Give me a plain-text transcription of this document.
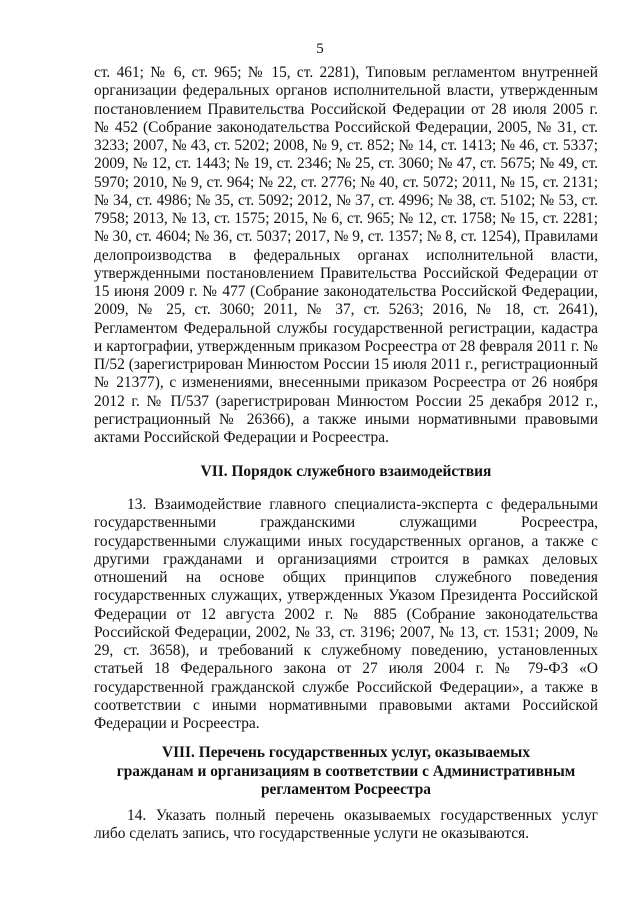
5

ст. 461; № 6, ст. 965; № 15, ст. 2281), Типовым регламентом внутренней организации федеральных органов исполнительной власти, утвержденным постановлением Правительства Российской Федерации от 28 июля 2005 г. № 452 (Собрание законодательства Российской Федерации, 2005, № 31, ст. 3233; 2007, № 43, ст. 5202; 2008, № 9, ст. 852; № 14, ст. 1413; № 46, ст. 5337; 2009, № 12, ст. 1443; № 19, ст. 2346; № 25, ст. 3060; № 47, ст. 5675; № 49, ст. 5970; 2010, № 9, ст. 964; № 22, ст. 2776; № 40, ст. 5072; 2011, № 15, ст. 2131; № 34, ст. 4986; № 35, ст. 5092; 2012, № 37, ст. 4996; № 38, ст. 5102; № 53, ст. 7958; 2013, № 13, ст. 1575; 2015, № 6, ст. 965; № 12, ст. 1758; № 15, ст. 2281; № 30, ст. 4604; № 36, ст. 5037; 2017, № 9, ст. 1357; № 8, ст. 1254), Правилами делопроизводства в федеральных органах исполнительной власти, утвержденными постановлением Правительства Российской Федерации от 15 июня 2009 г. № 477 (Собрание законодательства Российской Федерации, 2009, № 25, ст. 3060; 2011, № 37, ст. 5263; 2016, № 18, ст. 2641), Регламентом Федеральной службы государственной регистрации, кадастра и картографии, утвержденным приказом Росреестра от 28 февраля 2011 г. № П/52 (зарегистрирован Минюстом России 15 июля 2011 г., регистрационный № 21377), с изменениями, внесенными приказом Росреестра от 26 ноября 2012 г. № П/537 (зарегистрирован Минюстом России 25 декабря 2012 г., регистрационный № 26366), а также иными нормативными правовыми актами Российской Федерации и Росреестра.

VII. Порядок служебного взаимодействия

13. Взаимодействие главного специалиста-эксперта с федеральными государственными гражданскими служащими Росреестра, государственными служащими иных государственных органов, а также с другими гражданами и организациями строится в рамках деловых отношений на основе общих принципов служебного поведения государственных служащих, утвержденных Указом Президента Российской Федерации от 12 августа 2002 г. № 885 (Собрание законодательства Российской Федерации, 2002, № 33, ст. 3196; 2007, № 13, ст. 1531; 2009, № 29, ст. 3658), и требований к служебному поведению, установленных статьей 18 Федерального закона от 27 июля 2004 г. № 79-ФЗ «О государственной гражданской службе Российской Федерации», а также в соответствии с иными нормативными правовыми актами Российской Федерации и Росреестра.

VIII. Перечень государственных услуг, оказываемых
гражданам и организациям в соответствии с Административным
регламентом Росреестра

14. Указать полный перечень оказываемых государственных услуг либо сделать запись, что государственные услуги не оказываются.
